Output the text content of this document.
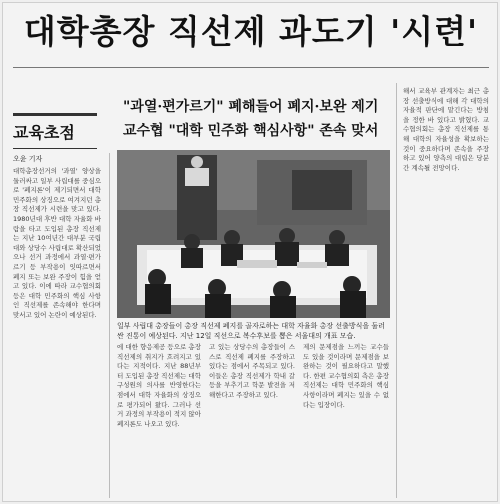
대학총장 직선제 과도기 '시련'
교육초점
"과열·편가르기" 폐해들어 폐지·보완 제기
교수협 "대학 민주화 핵심사항" 존속 맞서
오윤 기자
대학총장선거의 '과열' 양상을 둘러싸고 일부 사립대를 중심으로 '폐지론'이 제기되면서 대학 민주화의 상징으로 여겨지던 총장 직선제가 시련을 맞고 있다. 1980년대 후반 대학 자율화 바람을 타고 도입된 총장 직선제는 지난 10여년간 대부분 국립대와 상당수 사립대로 확산되었으나 선거 과정에서 과열·편가르기 등 부작용이 잇따르면서 폐지 또는 보완 주장이 힘을 얻고 있다. 이에 따라 교수협의회 등은 대학 민주화의 핵심 사항인 직선제를 존속해야 한다며 맞서고 있어 논란이 예상된다.
일부 사립대 총장들이 총장 직선제 폐지를 골자로하는 대학 자율화 총장 선출방식을 둘러싼 진통이 예상된다. 지난 12일 직선으로 복수후보를 뽑은 서울대의 개표 모습.
에 대한 향응제공 등으로 총장 직선제의 취지가 흐려지고 있다는 지적이다. 지난 88년부터 도입된 총장 직선제는 대학 구성원의 의사를 반영한다는 점에서 대학 자율화의 상징으로 평가되어 왔다. 그러나 선거 과정의 부작용이 적지 않아 폐지론도 나오고 있다.
고 있는 상당수의 총장들이 스스로 직선제 폐지를 주장하고 있다는 점에서 주목되고 있다. 이들은 총장 직선제가 학내 갈등을 부추기고 학문 발전을 저해한다고 주장하고 있다.
제의 문제점을 느끼는 교수들도 있을 것이라며 문제점을 보완하는 것이 필요하다고 말했다. 한편 교수협의회 측은 총장 직선제는 대학 민주화의 핵심 사항이라며 폐지는 있을 수 없다는 입장이다.
해서 교육부 관계자는 최근 총장 선출방식에 대해 각 대학의 자율적 판단에 맡긴다는 방침을 정한 바 있다고 밝혔다. 교수협의회는 총장 직선제를 통해 대학의 자율성을 확보하는 것이 중요하다며 존속을 주장하고 있어 양측의 대립은 당분간 계속될 전망이다.
